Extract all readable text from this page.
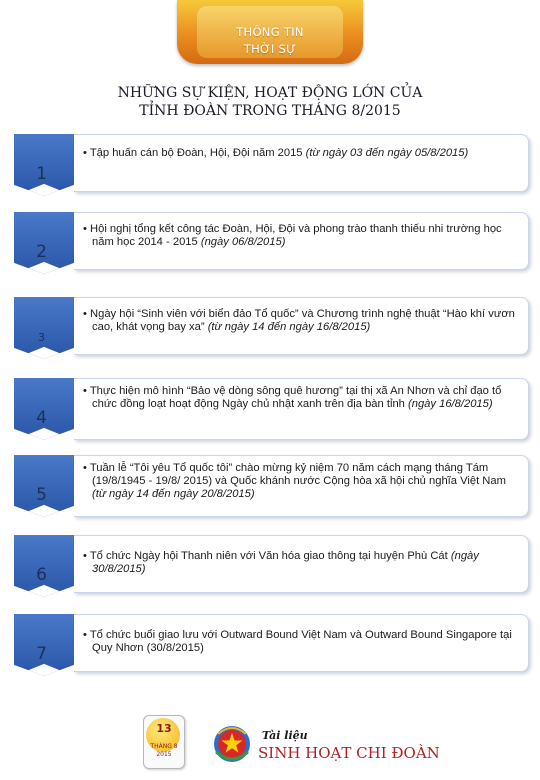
THÔNG TIN
THỜI SỰ
NHỮNG SỰ KIỆN, HOẠT ĐỘNG LỚN CỦA
TỈNH ĐOÀN TRONG THÁNG 8/2015
1
• Tập huấn cán bộ Đoàn, Hội, Đội năm 2015 (từ ngày 03 đến ngày 05/8/2015)
2
• Hội nghị tổng kết công tác Đoàn, Hội, Đội và phong trào thanh thiếu nhi trường học năm học 2014 - 2015 (ngày 06/8/2015)
3
• Ngày hội “Sinh viên với biển đảo Tổ quốc” và Chương trình nghệ thuật “Hào khí vươn cao, khát vọng bay xa” (từ ngày 14 đến ngày 16/8/2015)
4
• Thực hiện mô hình “Bảo vệ dòng sông quê hương” tại thị xã An Nhơn và chỉ đạo tổ chức đồng loạt hoạt động Ngày chủ nhật xanh trên địa bàn tỉnh (ngày 16/8/2015)
5
• Tuần lễ “Tôi yêu Tổ quốc tôi” chào mừng kỷ niệm 70 năm cách mạng tháng Tám (19/8/1945 - 19/8/ 2015) và Quốc khánh nước Cộng hòa xã hội chủ nghĩa Việt Nam (từ ngày 14 đến ngày 20/8/2015)
6
• Tổ chức Ngày hội Thanh niên với Văn hóa giao thông tại huyện Phù Cát (ngày 30/8/2015)
7
• Tổ chức buổi giao lưu với Outward Bound Việt Nam và Outward Bound Singapore tại Quy Nhơn (30/8/2015)
13
THÁNG 8
2015
Tài liệu
SINH HOẠT CHI ĐOÀN
